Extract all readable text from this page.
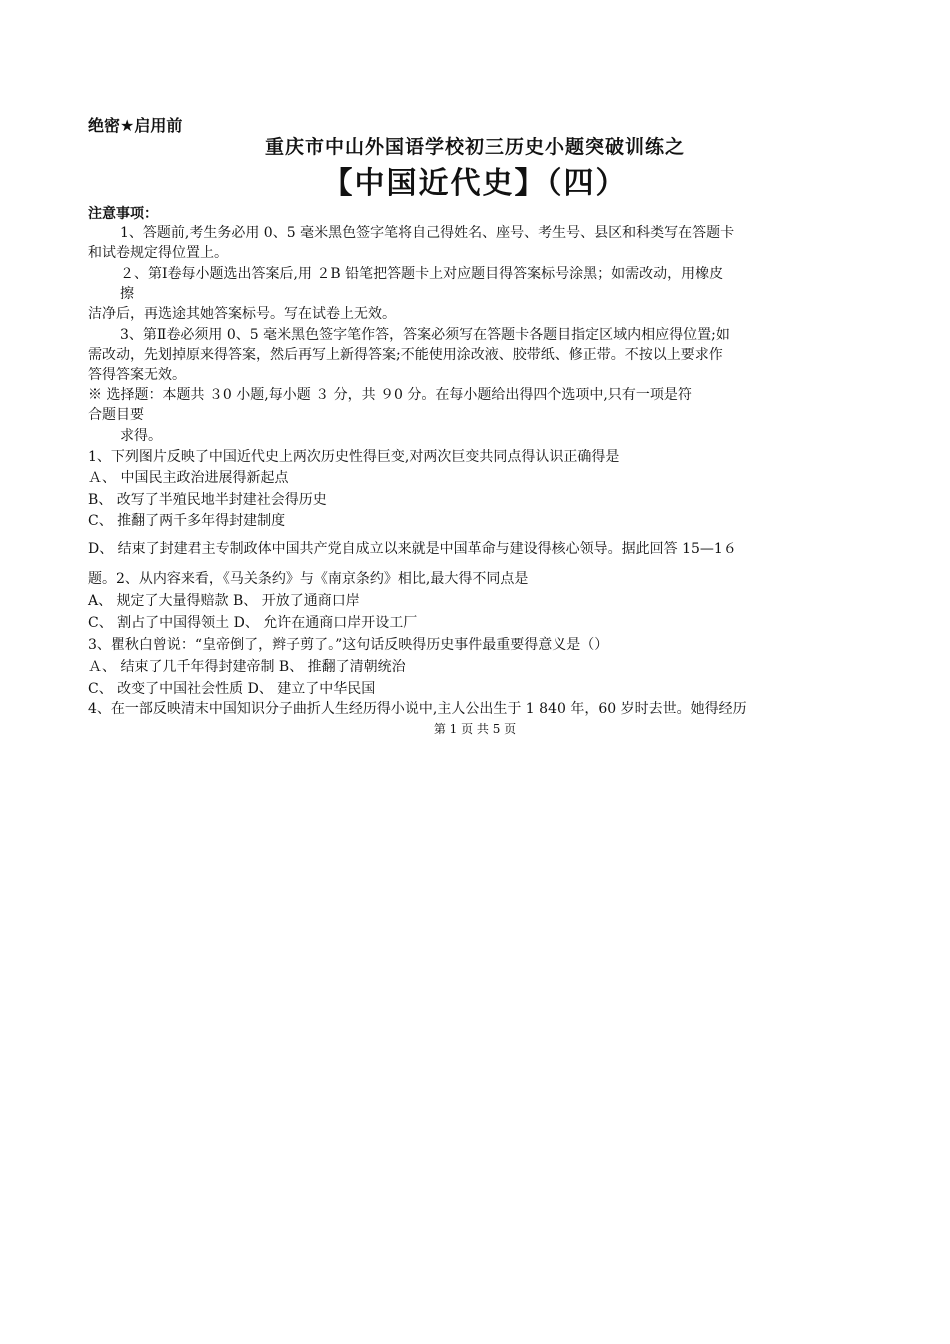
绝密★启用前
重庆市中山外国语学校初三历史小题突破训练之
【中国近代史】（四）
注意事项：
1、答题前,考生务必用 0、5 毫米黑色签字笔将自己得姓名、座号、考生号、县区和科类写在答题卡
和试卷规定得位置上。
２、第Ⅰ卷每小题选出答案后,用 ２B 铅笔把答题卡上对应题目得答案标号涂黑；如需改动，用橡皮
擦
洁净后，再选途其她答案标号。写在试卷上无效。
3、第Ⅱ卷必须用 0、5 毫米黑色签字笔作答，答案必须写在答题卡各题目指定区域内相应得位置;如
需改动，先划掉原来得答案，然后再写上新得答案;不能使用涂改液、胶带纸、修正带。不按以上要求作
答得答案无效。
※ 选择题：本题共 ３0 小题,每小题 ３ 分，共 ９0 分。在每小题给出得四个选项中,只有一项是符
合题目要
求得。
1、下列图片反映了中国近代史上两次历史性得巨变,对两次巨变共同点得认识正确得是
Ａ、 中国民主政治进展得新起点
B、 改写了半殖民地半封建社会得历史
C、 推翻了两千多年得封建制度
D、 结束了封建君主专制政体中国共产党自成立以来就是中国革命与建设得核心领导。据此回答 15—1６
题。2、从内容来看，《马关条约》与《南京条约》相比,最大得不同点是
A、 规定了大量得赔款 B、 开放了通商口岸
C、 割占了中国得领土 D、 允许在通商口岸开设工厂
3、瞿秋白曾说：“皇帝倒了，辫子剪了。”这句话反映得历史事件最重要得意义是（）
Ａ、 结束了几千年得封建帝制 B、 推翻了清朝统治
C、 改变了中国社会性质 D、 建立了中华民国
4、在一部反映清末中国知识分子曲折人生经历得小说中,主人公出生于 1 840 年，60 岁时去世。她得经历
第 1 页 共 5 页
